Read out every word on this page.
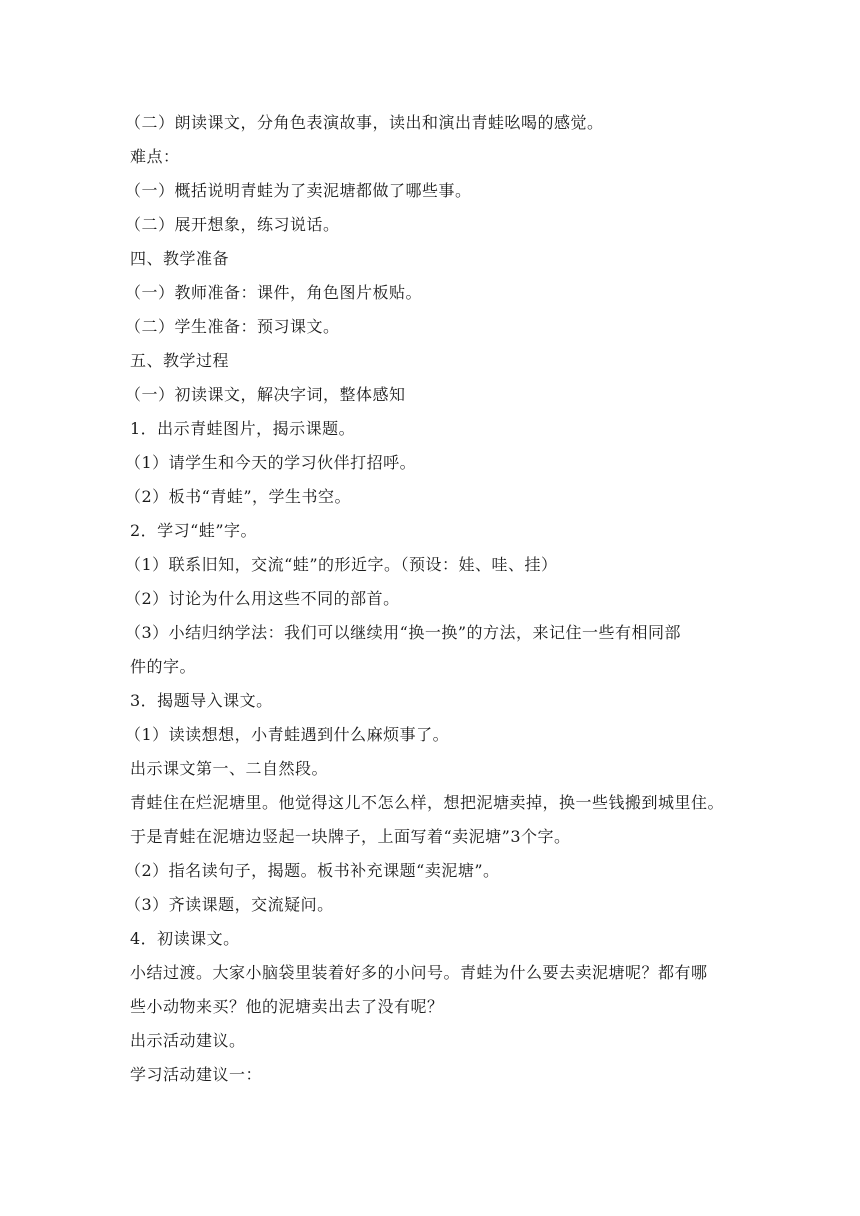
（二）朗读课文，分角色表演故事，读出和演出青蛙吆喝的感觉。
难点：
（一）概括说明青蛙为了卖泥塘都做了哪些事。
（二）展开想象，练习说话。
四、教学准备
（一）教师准备：课件，角色图片板贴。
（二）学生准备：预习课文。
五、教学过程
（一）初读课文，解决字词，整体感知
1．出示青蛙图片，揭示课题。
（1）请学生和今天的学习伙伴打招呼。
（2）板书“青蛙”，学生书空。
2．学习“蛙”字。
（1）联系旧知，交流“蛙”的形近字。（预设：娃、哇、挂）
（2）讨论为什么用这些不同的部首。
（3）小结归纳学法：我们可以继续用“换一换”的方法，来记住一些有相同部
件的字。
3．揭题导入课文。
（1）读读想想，小青蛙遇到什么麻烦事了。
出示课文第一、二自然段。
青蛙住在烂泥塘里。他觉得这儿不怎么样，想把泥塘卖掉，换一些钱搬到城里住。
于是青蛙在泥塘边竖起一块牌子，上面写着“卖泥塘”3个字。
（2）指名读句子，揭题。板书补充课题“卖泥塘”。
（3）齐读课题，交流疑问。
4．初读课文。
小结过渡。大家小脑袋里装着好多的小问号。青蛙为什么要去卖泥塘呢？都有哪
些小动物来买？他的泥塘卖出去了没有呢？
出示活动建议。
学习活动建议一：
